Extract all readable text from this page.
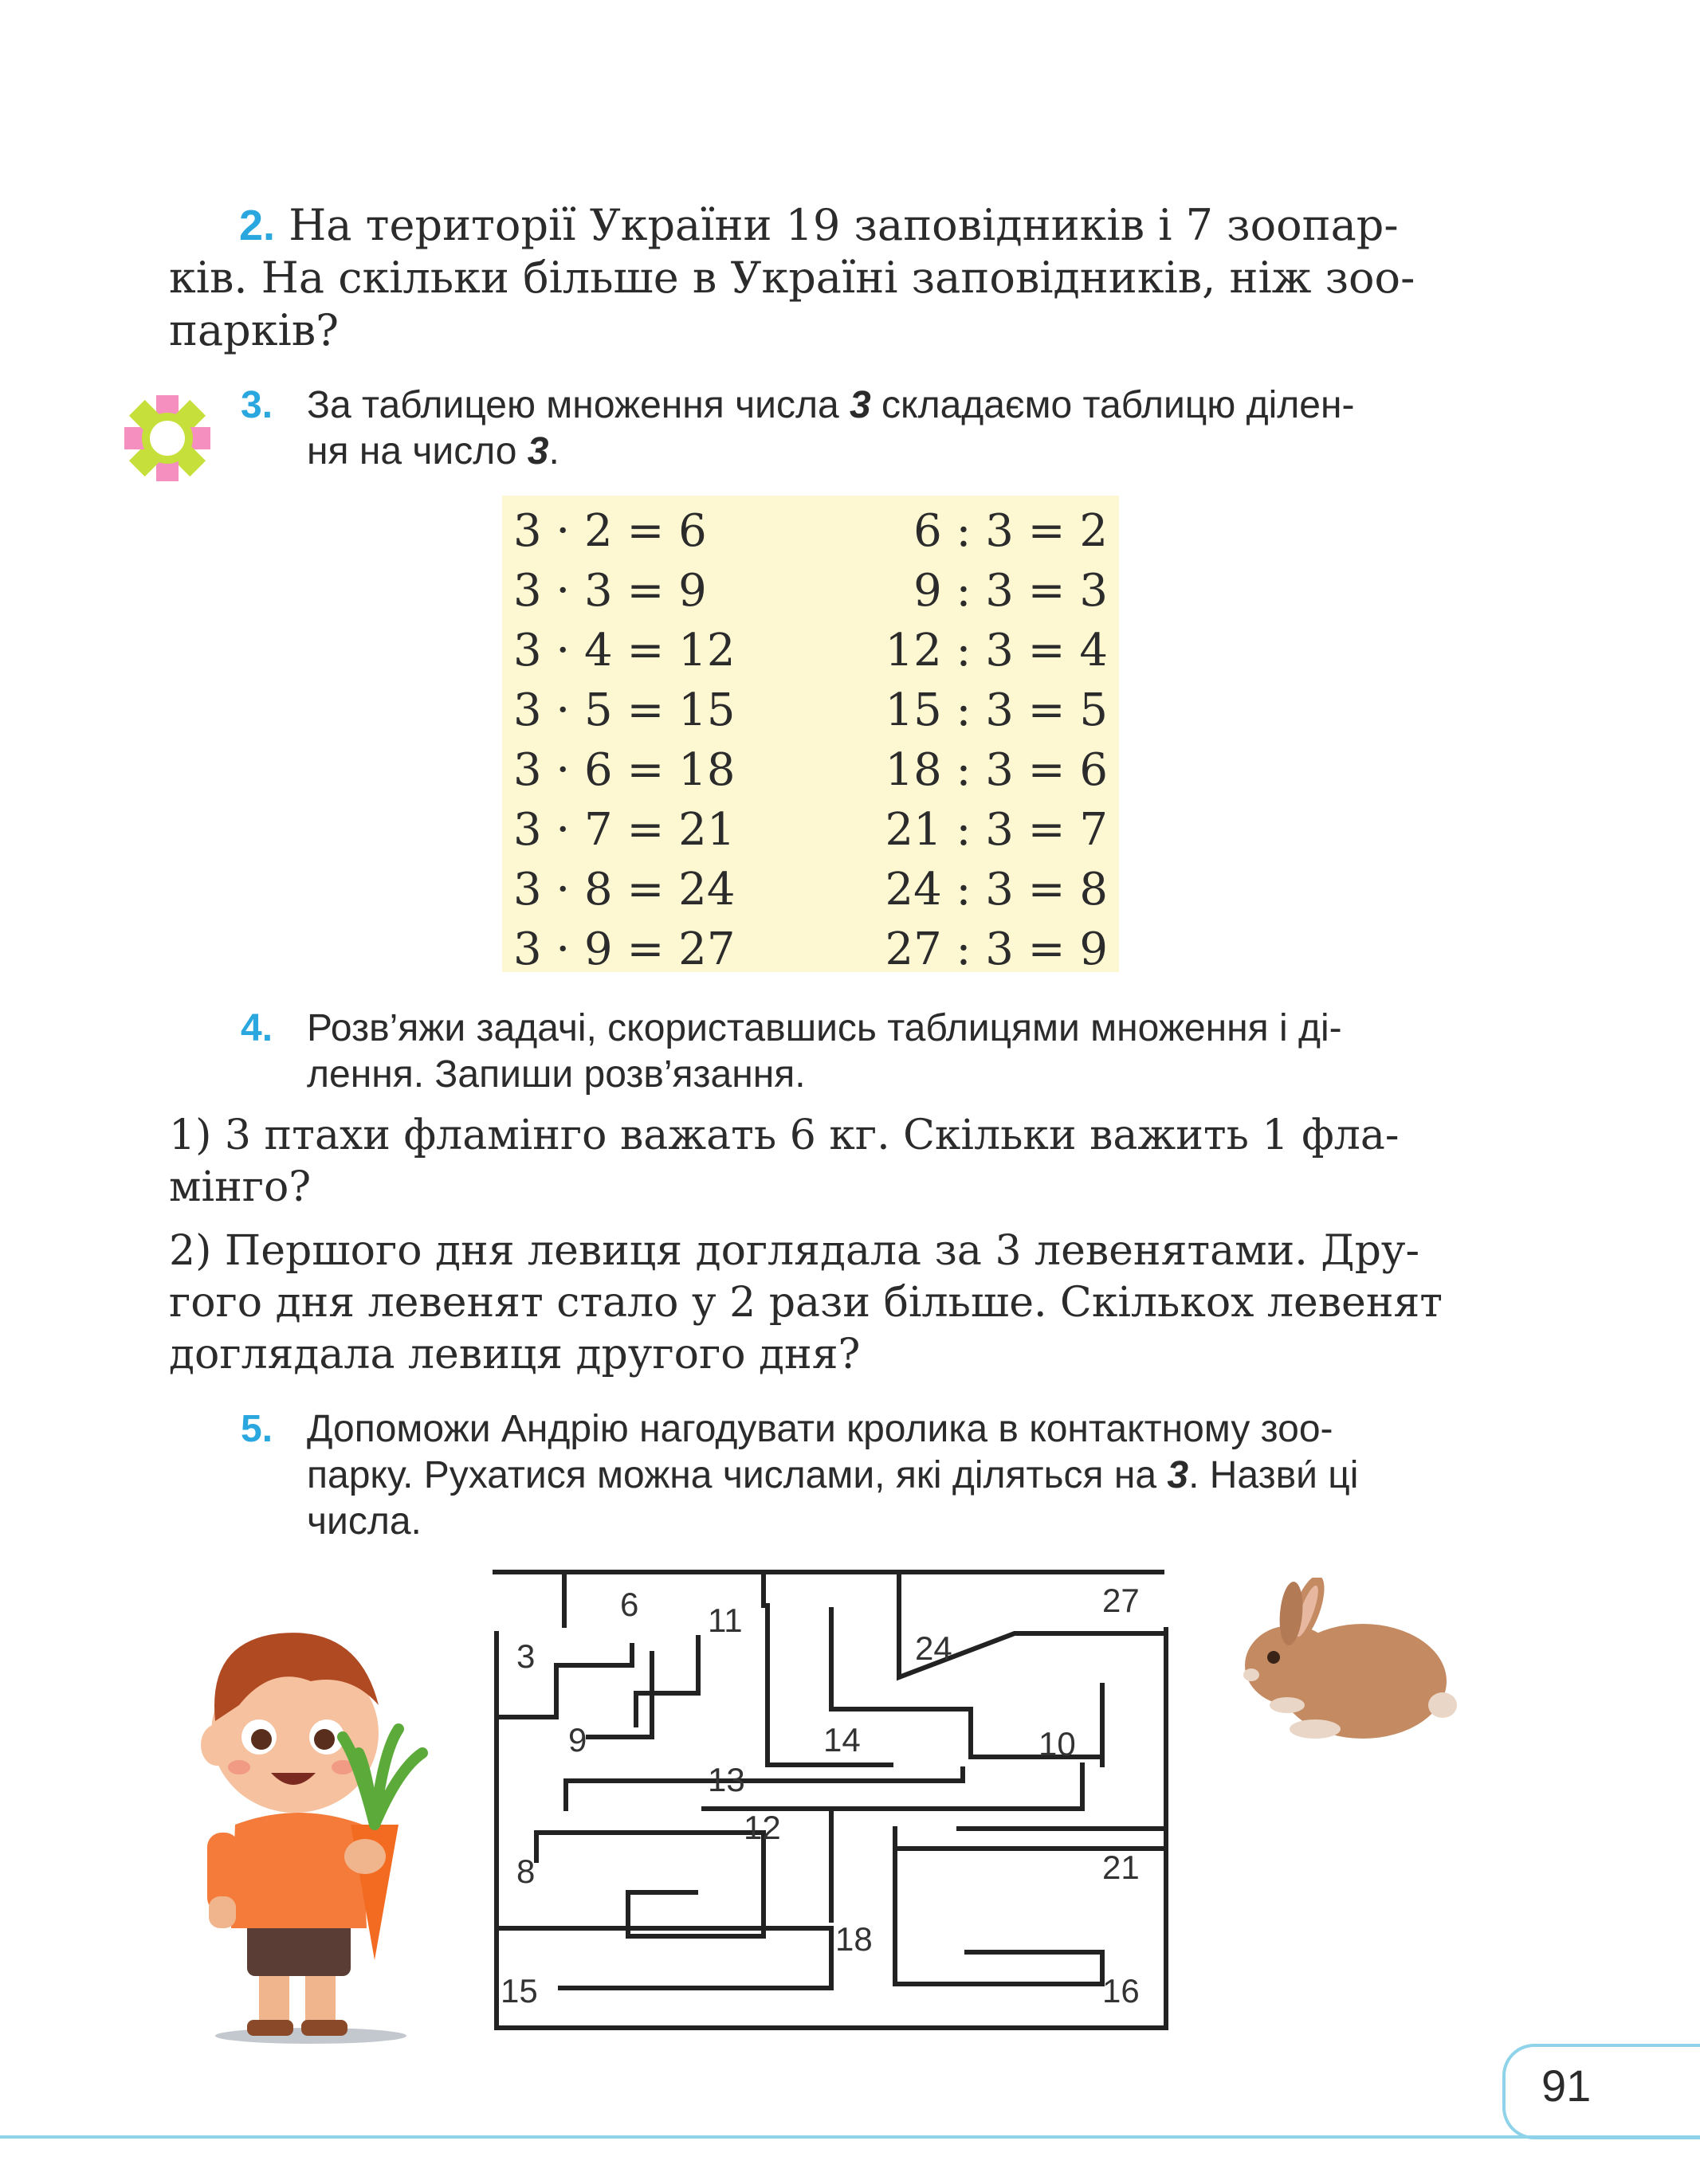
2. На території України 19 заповідників і 7 зоопар-
ків. На скільки більше в Україні заповідників, ніж зоо-
парків?
3. За таблицею множення числа 3 складаємо таблицю ділен-
ня на число 3.
3 · 2 = 6	6 : 3 = 2
3 · 3 = 9	9 : 3 = 3
3 · 4 = 12	12 : 3 = 4
3 · 5 = 15	15 : 3 = 5
3 · 6 = 18	18 : 3 = 6
3 · 7 = 21	21 : 3 = 7
3 · 8 = 24	24 : 3 = 8
3 · 9 = 27	27 : 3 = 9
4. Розв’яжи задачі, скориставшись таблицями множення і ді-
лення. Запиши розв’язання.
1) 3 птахи фламінго важать 6 кг. Скільки важить 1 фла-
мінго?
2) Першого дня левиця доглядала за 3 левенятами. Дру-
гого дня левенят стало у 2 рази більше. Скількох левенят
доглядала левиця другого дня?
5. Допоможи Андрію нагодувати кролика в контактному зоо-
парку. Рухатися можна числами, які діляться на 3. Назви́ ці
числа.
3
6 11
27
24
9	14	10
13
12
8	21
18
15	16
91
